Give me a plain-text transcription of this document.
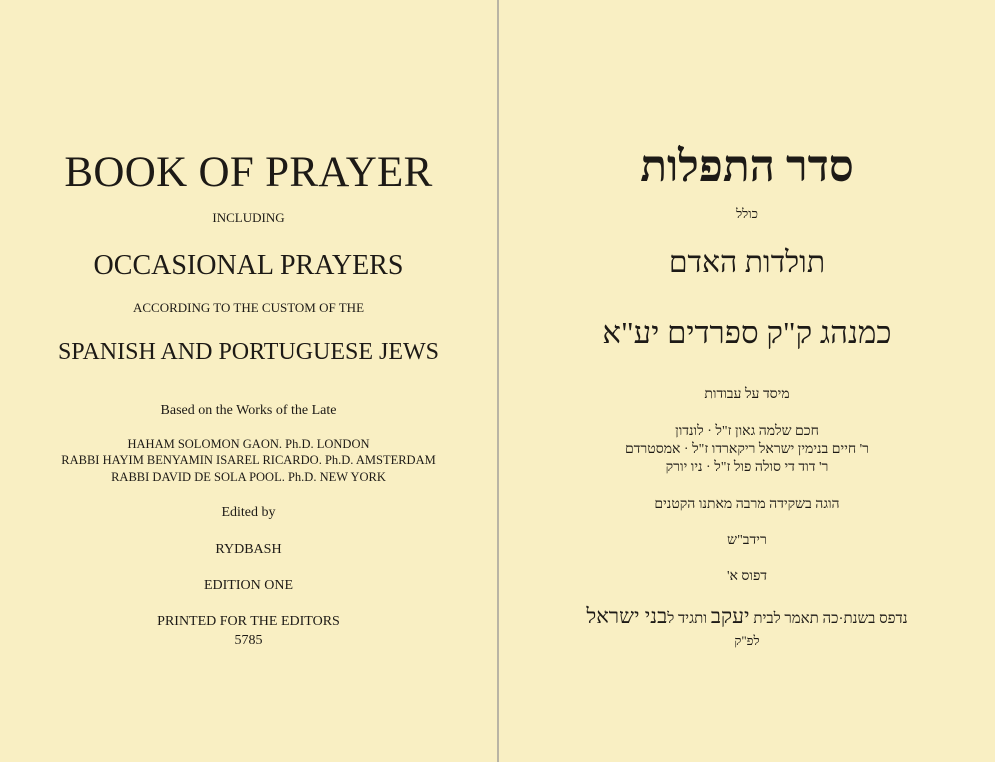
BOOK OF PRAYER
INCLUDING
OCCASIONAL PRAYERS
ACCORDING TO THE CUSTOM OF THE
SPANISH AND PORTUGUESE JEWS
Based on the Works of the Late
HAHAM SOLOMON GAON. Ph.D. LONDON
RABBI HAYIM BENYAMIN ISAREL RICARDO. Ph.D. AMSTERDAM
RABBI DAVID DE SOLA POOL. Ph.D. NEW YORK
Edited by
RYDBASH
EDITION ONE
PRINTED FOR THE EDITORS
5785
סדר התפלות
כולל
תולדות האדם
כמנהג ק"ק ספרדים יע"א
מיסד על עבודות
חכם שלמה גאון ז"ל · לונדון
ר' חיים בנימין ישראל ריקארדו ז"ל · אמסטרדם
ר' דוד די סולה פול ז"ל · ניו יורק
הוגה בשקידה מרבה מאתנו הקטנים
רידב"ש
דפוס א'
נדפס בשנת·כה תאמר לבית יעקב ותגיד לבני ישראל
לפ"ק
